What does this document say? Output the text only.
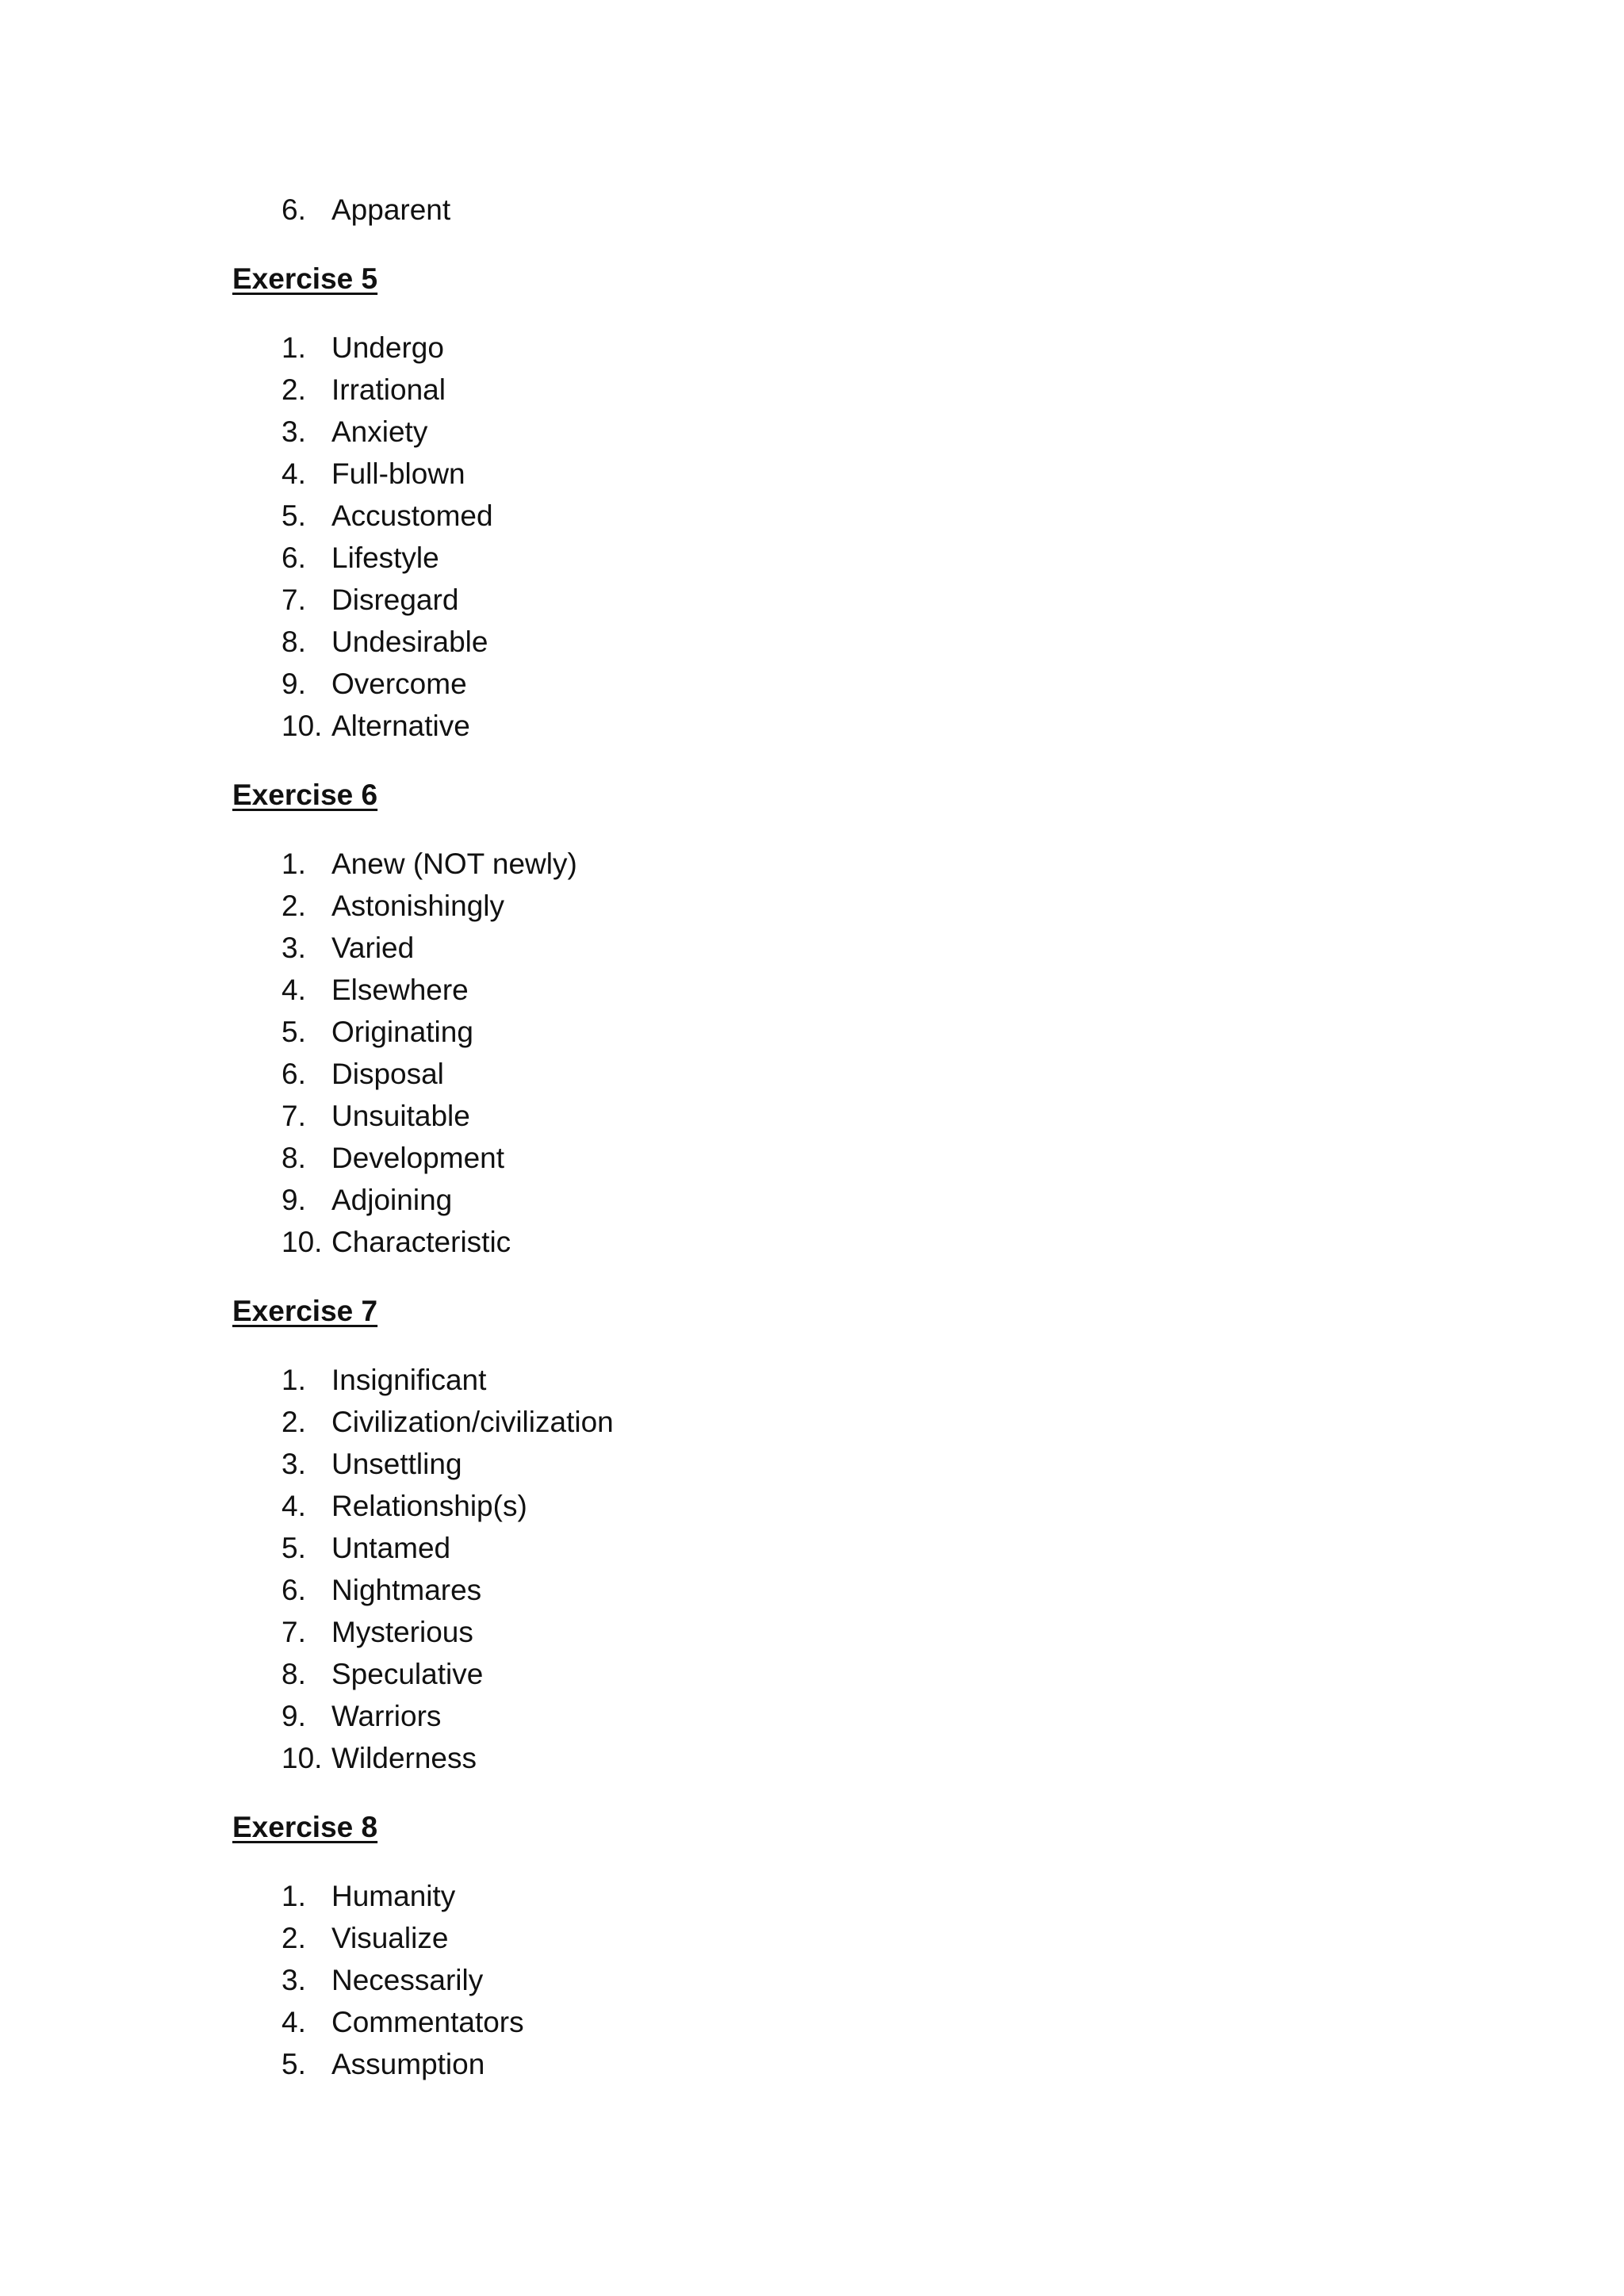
6. Apparent
Exercise 5
1. Undergo
2. Irrational
3. Anxiety
4. Full-blown
5. Accustomed
6. Lifestyle
7. Disregard
8. Undesirable
9. Overcome
10. Alternative
Exercise 6
1. Anew (NOT newly)
2. Astonishingly
3. Varied
4. Elsewhere
5. Originating
6. Disposal
7. Unsuitable
8. Development
9. Adjoining
10. Characteristic
Exercise 7
1. Insignificant
2. Civilization/civilization
3. Unsettling
4. Relationship(s)
5. Untamed
6. Nightmares
7. Mysterious
8. Speculative
9. Warriors
10. Wilderness
Exercise 8
1. Humanity
2. Visualize
3. Necessarily
4. Commentators
5. Assumption
